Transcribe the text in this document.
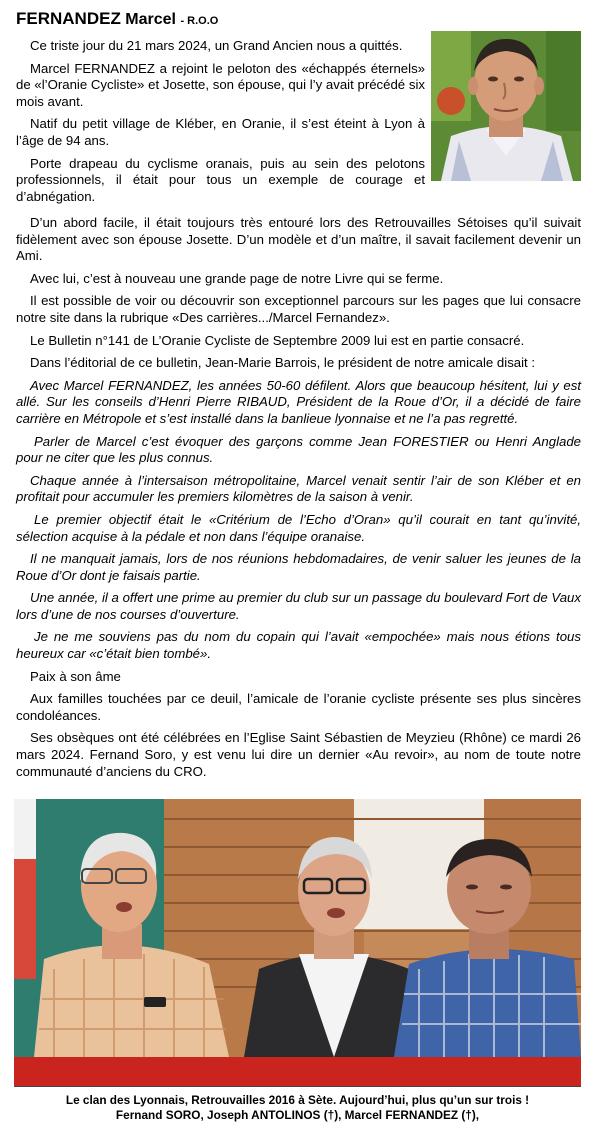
FERNANDEZ Marcel - R.O.O

Ce triste jour du 21 mars 2024, un Grand Ancien nous a quittés.

Marcel FERNANDEZ a rejoint le peloton des «échappés éternels» de «l’Oranie Cycliste» et Josette, son épouse, qui l’y avait précédé six mois avant.

Natif du petit village de Kléber, en Oranie, il s’est éteint à Lyon à l’âge de 94 ans.

Porte drapeau du cyclisme oranais, puis au sein des pelotons professionnels, il était pour tous un exemple de courage et d’abnégation.

D’un abord facile, il était toujours très entouré lors des Retrouvailles Sétoises qu’il suivait fidèlement avec son épouse Josette. D’un modèle et d’un maître, il savait facilement devenir un Ami.

Avec lui, c’est à nouveau une grande page de notre Livre qui se ferme.

Il est possible de voir ou découvrir son exceptionnel parcours sur les pages que lui consacre notre site dans la rubrique «Des carrières.../Marcel Fernandez».

Le Bulletin n°141 de L’Oranie Cycliste de Septembre 2009 lui est en partie consacré.

Dans l’éditorial de ce bulletin, Jean-Marie Barrois, le président de notre amicale disait :

Avec Marcel FERNANDEZ, les années 50-60 défilent. Alors que beaucoup hésitent, lui y est allé. Sur les conseils d’Henri Pierre RIBAUD, Président de la Roue d’Or, il a décidé de faire carrière en Métropole et s’est installé dans la banlieue lyonnaise et ne l’a pas regretté.

Parler de Marcel c’est évoquer des garçons comme Jean FORESTIER ou Henri Anglade pour ne citer que les plus connus.

Chaque année à l’intersaison métropolitaine, Marcel venait sentir l’air de son Kléber et en profitait pour accumuler les premiers kilomètres de la saison à venir.

Le premier objectif était le «Critérium de l’Echo d’Oran» qu’il courait en tant qu’invité, sélection acquise à la pédale et non dans l’équipe oranaise.

Il ne manquait jamais, lors de nos réunions hebdomadaires, de venir saluer les jeunes de la Roue d’Or dont je faisais partie.

Une année, il a offert une prime au premier du club sur un passage du boulevard Fort de Vaux lors d’une de nos courses d’ouverture.

Je ne me souviens pas du nom du copain qui l’avait «empochée» mais nous étions tous heureux car «c’était bien tombé».

Paix à son âme

Aux familles touchées par ce deuil, l’amicale de l’oranie cycliste présente ses plus sincères condoléances.

Ses obsèques ont été célébrées en l’Eglise Saint Sébastien de Meyzieu (Rhône) ce mardi 26 mars 2024. Fernand Soro, y est venu lui dire un dernier «Au revoir», au nom de toute notre communauté d’anciens du CRO.

Le clan des Lyonnais, Retrouvailles 2016 à Sète. Aujourd’hui, plus qu’un sur trois !

Fernand SORO, Joseph ANTOLINOS (†), Marcel FERNANDEZ (†),
